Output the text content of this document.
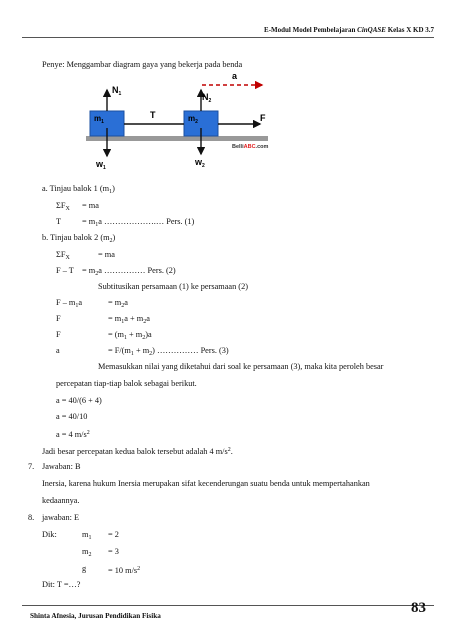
E-Modul Model Pembelajaran CinQASE Kelas X KD 3.7
Penye: Menggambar diagram gaya yang bekerja pada benda
a
$m_1$	$m_2$
T	F
$N_1$	$N_2$
$w_1$
$w_2$
BelliABC.com
a. Tinjau balok 1 $(m_1)$
$\Sigma F_X$ = ma
T	= $m_1a$ ……………….… Pers. (1)
b. Tinjau balok 2 $(m_2)$
$\Sigma F_X$	= ma
$F - T = m_2a$ …………… Pers. (2)
Subtitusikan persamaan (1) ke persamaan (2)
F – $m_1a$	= $m_2a$
F	= $m_1a + m_2a$
F	= $(m_1 + m_2)a$
a	= $F/(m_1 + m_2)$ …………… Pers. (3)
Memasukkan nilai yang diketahui dari soal ke persamaan (3), maka kita peroleh besar
percepatan tiap-tiap balok sebagai berikut.
a = 40/(6 + 4)
a = 40/10
a = 4 $m/s^2$
Jadi besar percepatan kedua balok tersebut adalah 4 $m/s^2$.
7. Jawaban: B
Inersia, karena hukum Inersia merupakan sifat kecenderungan suatu benda untuk mempertahankan
kedaannya.
8. jawaban: E
Dik:	$m_1 = 2$
$m_2 = 3$
g	= 10 $m/s^2$
Dit: T =…?
Shinta Afnesia, Jurusan Pendidikan Fisika	83
